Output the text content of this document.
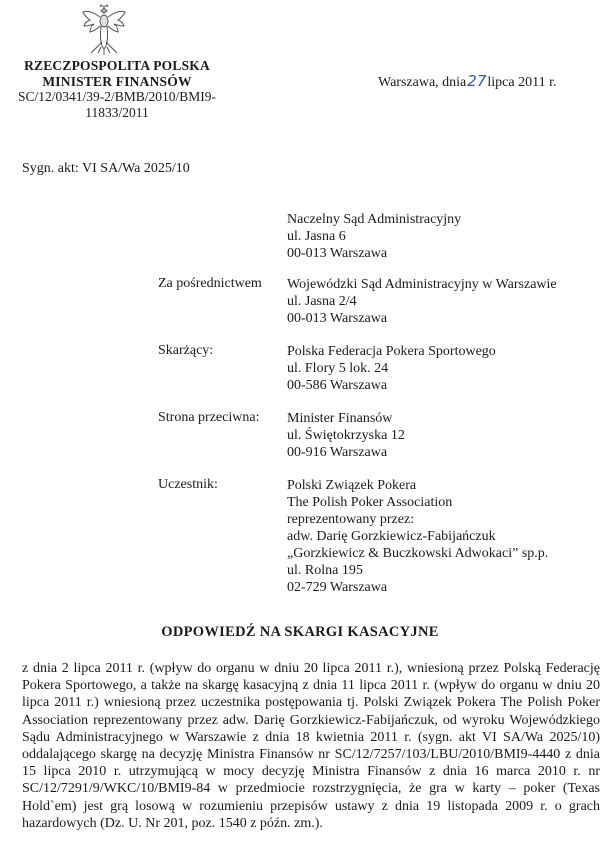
RZECZPOSPOLITA POLSKA
MINISTER FINANSÓW
SC/12/0341/39-2/BMB/2010/BMI9-
11833/2011
Warszawa, dnia27lipca 2011 r.
Sygn. akt: VI SA/Wa 2025/10
Naczelny Sąd Administracyjny
ul. Jasna 6
00-013 Warszawa
Za pośrednictwem Wojewódzki Sąd Administracyjny w Warszawie
ul. Jasna 2/4
00-013 Warszawa
Skarżący:	Polska Federacja Pokera Sportowego
ul. Flory 5 lok. 24
00-586 Warszawa
Strona przeciwna: Minister Finansów
ul. Świętokrzyska 12
00-916 Warszawa
Uczestnik:	Polski Związek Pokera
The Polish Poker Association
reprezentowany przez:
adw. Darię Gorzkiewicz-Fabijańczuk
„Gorzkiewicz & Buczkowski Adwokaci” sp.p.
ul. Rolna 195
02-729 Warszawa
ODPOWIEDŹ NA SKARGI KASACYJNE
z dnia 2 lipca 2011 r. (wpływ do organu w dniu 20 lipca 2011 r.), wniesioną przez Polską Federację Pokera Sportowego, a także na skargę kasacyjną z dnia 11 lipca 2011 r. (wpływ do organu w dniu 20 lipca 2011 r.) wniesioną przez uczestnika postępowania tj. Polski Związek Pokera The Polish Poker Association reprezentowany przez adw. Darię Gorzkiewicz-Fabijańczuk, od wyroku Wojewódzkiego Sądu Administracyjnego w Warszawie z dnia 18 kwietnia 2011 r. (sygn. akt VI SA/Wa 2025/10) oddalającego skargę na decyzję Ministra Finansów nr SC/12/7257/103/LBU/2010/BMI9-4440 z dnia 15 lipca 2010 r. utrzymującą w mocy decyzję Ministra Finansów z dnia 16 marca 2010 r. nr SC/12/7291/9/WKC/10/BMI9-84 w przedmiocie rozstrzygnięcia, że gra w karty – poker (Texas Hold`em) jest grą losową w rozumieniu przepisów ustawy z dnia 19 listopada 2009 r. o grach hazardowych (Dz. U. Nr 201, poz. 1540 z późn. zm.).
